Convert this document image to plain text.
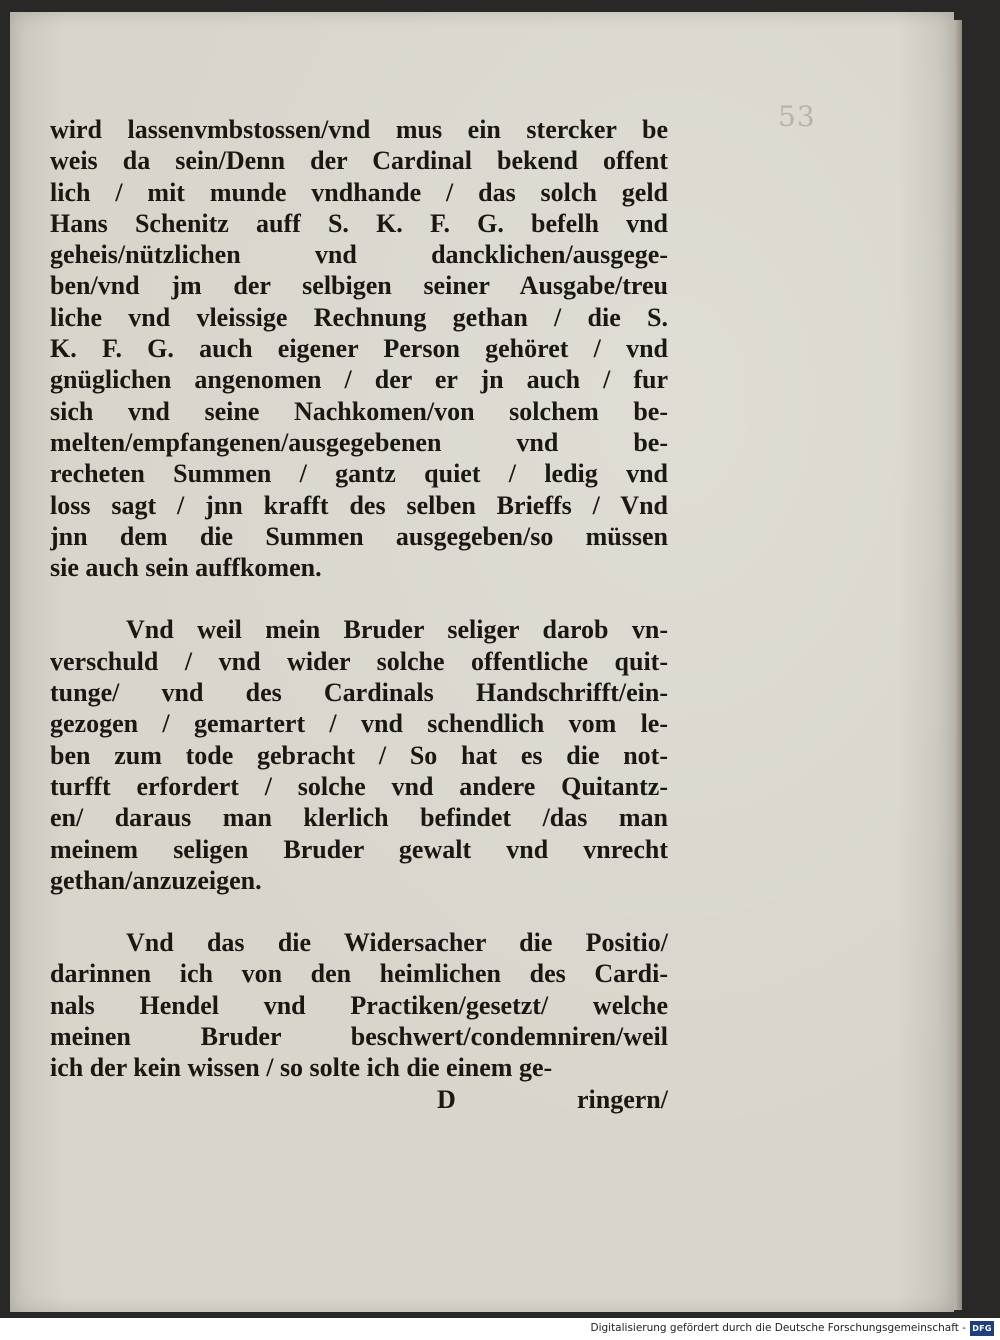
53
wird lassenvmbstossen/vnd mus ein stercker be
weis da sein/Denn der Cardinal bekend offent
lich / mit munde vndhande / das solch geld
Hans Schenitz auff S. K. F. G. befelh vnd
geheis/nützlichen vnd dancklichen/ausgege-
ben/vnd jm der selbigen seiner Ausgabe/treu
liche vnd vleissige Rechnung gethan / die S.
K. F. G. auch eigener Person gehöret / vnd
gnüglichen angenomen / der er jn auch / fur
sich vnd seine Nachkomen/von solchem be-
melten/empfangenen/ausgegebenen vnd be-
recheten Summen / gantz quiet / ledig vnd
loss sagt / jnn krafft des selben Brieffs / Vnd
jnn dem die Summen ausgegeben/so müssen
sie auch sein auffkomen.
Vnd weil mein Bruder seliger darob vn-
verschuld / vnd wider solche offentliche quit-
tunge/ vnd des Cardinals Handschrifft/ein-
gezogen / gemartert / vnd schendlich vom le-
ben zum tode gebracht / So hat es die not-
turfft erfordert / solche vnd andere Quitantz-
en/ daraus man klerlich befindet /das man
meinem seligen Bruder gewalt vnd vnrecht
gethan/anzuzeigen.
Vnd das die Widersacher die Positio/
darinnen ich von den heimlichen des Cardi-
nals Hendel vnd Practiken/gesetzt/ welche
meinen Bruder beschwert/condemniren/weil
ich der kein wissen / so solte ich die einem ge-
D	ringern/
Digitalisierung gefördert durch die Deutsche Forschungsgemeinschaft - DFG
